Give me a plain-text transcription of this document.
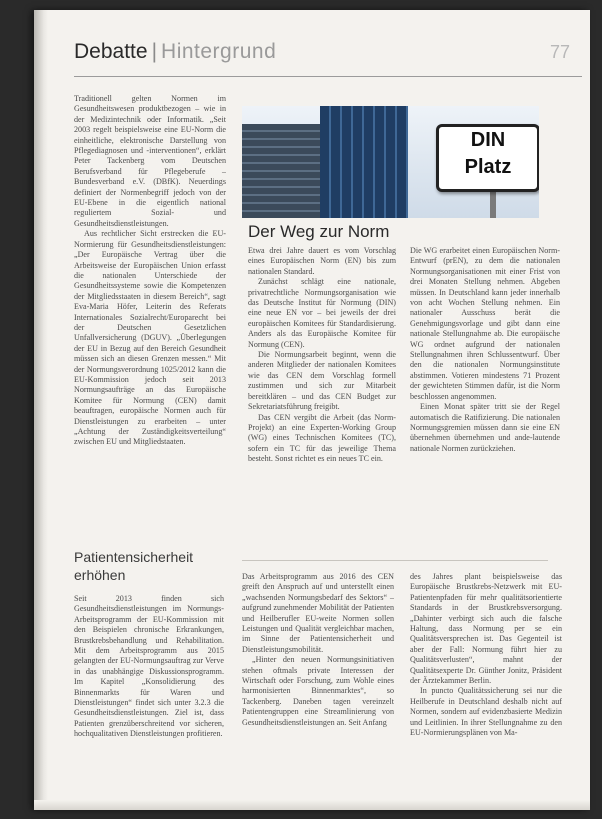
Debatte | Hintergrund	77

Traditionell gelten Normen im Gesundheitswesen produktbezogen – wie in der Medizintechnik oder Informatik. „Seit 2003 regelt beispielsweise eine EU-Norm die einheitliche, elektronische Darstellung von Pflegediagnosen und -interventionen“, erklärt Peter Tackenberg vom Deutschen Berufsverband für Pflegeberufe – Bundesverband e.V. (DBfK). Neuerdings definiert der Normenbegriff jedoch von der EU-Ebene in die eigentlich national reguliertem Sozial- und Gesundheitsdienstleistungen.

Aus rechtlicher Sicht erstrecken die EU-Normierung für Gesundheitsdienstleistungen: „Der Europäische Vertrag über die Arbeitsweise der Europäischen Union erfasst die nationalen Unterschiede der Gesundheitssysteme sowie die Kompetenzen der Mitgliedsstaaten in diesem Bereich“, sagt Eva-Maria Höfer, Leiterin des Referats Internationales Sozialrecht/Europarecht bei der Deutschen Gesetzlichen Unfallversicherung (DGUV). „Überlegungen der EU in Bezug auf den Bereich Gesundheit müssen sich an diesen Grenzen messen.“ Mit der Normungsverordnung 1025/2012 kann die EU-Kommission jedoch seit 2013 Normungsaufträge an das Europäische Komitee für Normung (CEN) damit beauftragen, europäische Normen auch für Dienstleistungen zu erarbeiten – unter „Achtung der Zuständigkeitsverteilung“ zwischen EU und Mitgliedstaaten.

Patientensicherheit erhöhen

Seit 2013 finden sich Gesundheitsdienstleistungen im Normungs-Arbeitsprogramm der EU-Kommission mit den Beispielen chronische Erkrankungen, Brustkrebsbehandlung und Rehabilitation. Mit dem Arbeitsprogramm aus 2015 gelangten der EU-Normungsauftrag zur Verve in das unabhängige Diskussionsprogramm. Im Kapitel „Konsolidierung des Binnenmarkts für Waren und Dienstleistungen“ findet sich unter 3.2.3 die Gesundheitsdienstleistungen. Ziel ist, dass Patienten grenzüberschreitend vor sicheren, hochqualitativen Dienstleistungen profitieren.

DIN
Platz
Der Weg zur Norm

Etwa drei Jahre dauert es vom Vorschlag eines Europäischen Norm (EN) bis zum nationalen Standard.

Zunächst schlägt eine nationale, privatrechtliche Normungsorganisation wie das Deutsche Institut für Normung (DIN) eine neue EN vor – bei jeweils der drei europäischen Komitees für Standardisierung. Anders als das Europäische Komitee für Normung (CEN).

Die Normungsarbeit beginnt, wenn die anderen Mitglieder der nationalen Komitees wie das CEN dem Vorschlag formell zustimmen und sich zur Mitarbeit bereitklären – und das CEN Budget zur Sekretariatsführung freigibt.

Das CEN vergibt die Arbeit (das Norm-Projekt) an eine Experten-Working Group (WG) eines Technischen Komitees (TC), sofern ein TC für das jeweilige Thema besteht. Sonst richtet es ein neues TC ein.

Die WG erarbeitet einen Europäischen Norm-Entwurf (prEN), zu dem die nationalen Normungsorganisationen mit einer Frist von drei Monaten Stellung nehmen. Abgeben müssen. In Deutschland kann jeder innerhalb von acht Wochen Stellung nehmen. Ein nationaler Ausschuss berät die Genehmigungsvorlage und gibt dann eine nationale Stellungnahme ab. Die europäische WG ordnet aufgrund der nationalen Stellungnahmen ihren Schlussentwurf. Über den die nationalen Normungsinstitute abstimmen. Votieren mindestens 71 Prozent der gewichteten Stimmen dafür, ist die Norm beschlossen angenommen.

Einen Monat später tritt sie der Regel automatisch die Ratifizierung. Die nationalen Normungsgremien müssen dann sie eine EN übernehmen übernehmen und ande-lautende nationale Normen zurückziehen.

Das Arbeitsprogramm aus 2016 des CEN greift den Anspruch auf und unterstellt einen „wachsenden Normungsbedarf des Sektors“ – aufgrund zunehmender Mobilität der Patienten und Heilberufler EU-weite Normen sollen Leistungen und Qualität vergleichbar machen, im Sinne der Patientensicherheit und Dienstleistungsmobilität.

„Hinter den neuen Normungsinitiativen stehen oftmals private Interessen der Wirtschaft oder Forschung, zum Wohle eines harmonisierten Binnenmarktes“, so Tackenberg. Daneben tagen vereinzelt Patientengruppen eine Streamlinierung von Gesundheitsdienstleistungen an. Seit Anfang

des Jahres plant beispielsweise das Europäische Brustkrebs-Netzwerk mit EU-Patientenpfaden für mehr qualitätsorientierte Standards in der Brustkrebsversorgung. „Dahinter verbirgt sich auch die falsche Haltung, dass Normung per se ein Qualitätsversprechen ist. Das Gegenteil ist aber der Fall: Normung führt hier zu Qualitätsverlusten“, mahnt der Qualitätsexperte Dr. Günther Jonitz, Präsident der Ärztekammer Berlin.

In puncto Qualitätssicherung sei nur die Heilberufe in Deutschland deshalb nicht auf Normen, sondern auf evidenzbasierte Medizin und Leitlinien. In ihrer Stellungnahme zu den EU-Normierungsplänen von Ma-
